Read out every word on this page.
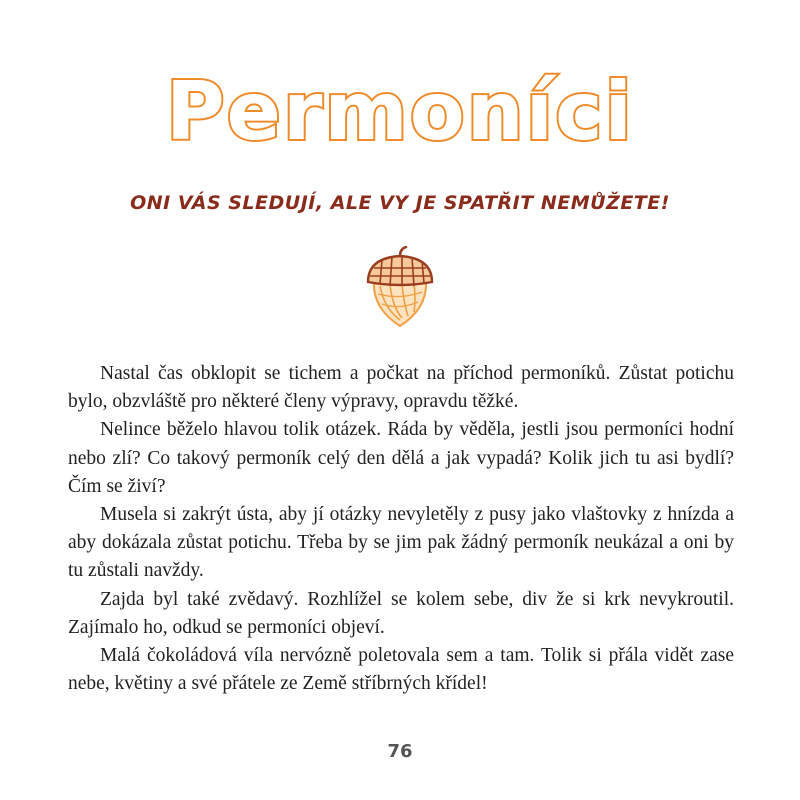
Permoníci
ONI VÁS SLEDUJÍ, ALE VY JE SPATŘIT NEMŮŽETE!

Nastal čas obklopit se tichem a počkat na příchod permoníků. Zůstat potichu bylo, obzvláště pro některé členy výpravy, opravdu těžké.

Nelince běželo hlavou tolik otázek. Ráda by věděla, jestli jsou permoníci hodní nebo zlí? Co takový permoník celý den dělá a jak vypadá? Kolik jich tu asi bydlí? Čím se živí?

Musela si zakrýt ústa, aby jí otázky nevyletěly z pusy jako vlaštovky z hnízda a aby dokázala zůstat potichu. Třeba by se jim pak žádný permoník neukázal a oni by tu zůstali navždy.

Zajda byl také zvědavý. Rozhlížel se kolem sebe, div že si krk nevykroutil. Zajímalo ho, odkud se permoníci objeví.

Malá čokoládová víla nervózně poletovala sem a tam. Tolik si přála vidět zase nebe, květiny a své přátele ze Země stříbrných křídel!

76
